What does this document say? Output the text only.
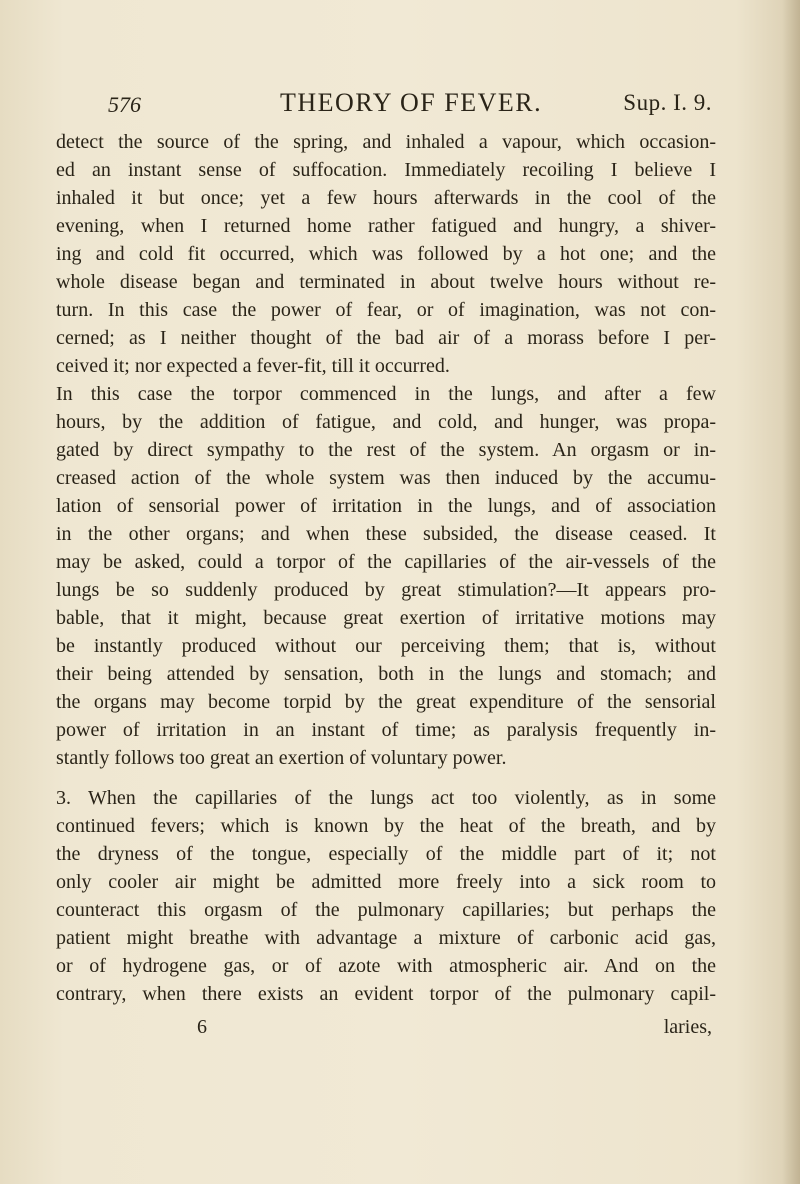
576	THEORY OF FEVER.	Sup. I. 9.
detect the source of the spring, and inhaled a vapour, which occasion-
ed an instant sense of suffocation. Immediately recoiling I believe I
inhaled it but once; yet a few hours afterwards in the cool of the
evening, when I returned home rather fatigued and hungry, a shiver-
ing and cold fit occurred, which was followed by a hot one; and the
whole disease began and terminated in about twelve hours without re-
turn. In this case the power of fear, or of imagination, was not con-
cerned; as I neither thought of the bad air of a morass before I per-
ceived it; nor expected a fever-fit, till it occurred.
In this case the torpor commenced in the lungs, and after a few
hours, by the addition of fatigue, and cold, and hunger, was propa-
gated by direct sympathy to the rest of the system. An orgasm or in-
creased action of the whole system was then induced by the accumu-
lation of sensorial power of irritation in the lungs, and of association
in the other organs; and when these subsided, the disease ceased. It
may be asked, could a torpor of the capillaries of the air-vessels of the
lungs be so suddenly produced by great stimulation?—It appears pro-
bable, that it might, because great exertion of irritative motions may
be instantly produced without our perceiving them; that is, without
their being attended by sensation, both in the lungs and stomach; and
the organs may become torpid by the great expenditure of the sensorial
power of irritation in an instant of time; as paralysis frequently in-
stantly follows too great an exertion of voluntary power.
3. When the capillaries of the lungs act too violently, as in some
continued fevers; which is known by the heat of the breath, and by
the dryness of the tongue, especially of the middle part of it; not
only cooler air might be admitted more freely into a sick room to
counteract this orgasm of the pulmonary capillaries; but perhaps the
patient might breathe with advantage a mixture of carbonic acid gas,
or of hydrogene gas, or of azote with atmospheric air. And on the
contrary, when there exists an evident torpor of the pulmonary capil-
6	laries,
